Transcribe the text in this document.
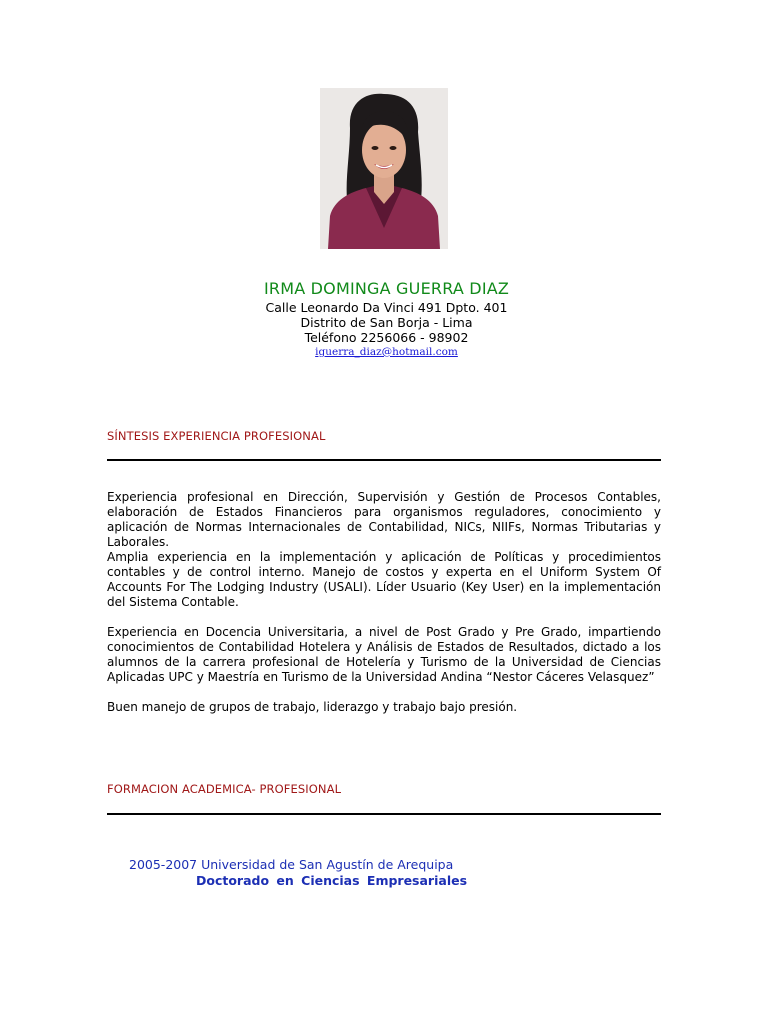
IRMA DOMINGA GUERRA DIAZ
Calle Leonardo Da Vinci 491 Dpto. 401
Distrito de San Borja - Lima
Teléfono 2256066 - 98902
iguerra_diaz@hotmail.com
SÍNTESIS EXPERIENCIA PROFESIONAL

Experiencia profesional en Dirección, Supervisión y Gestión de Procesos Contables, elaboración de Estados Financieros para organismos reguladores, conocimiento y aplicación de Normas Internacionales de Contabilidad, NICs, NIIFs, Normas Tributarias y Laborales.

Amplia experiencia en la implementación y aplicación de Políticas y procedimientos contables y de control interno. Manejo de costos y experta en el Uniform System Of Accounts For The Lodging Industry (USALI). Líder Usuario (Key User) en la implementación del Sistema Contable.

Experiencia en Docencia Universitaria, a nivel de Post Grado y Pre Grado, impartiendo conocimientos de Contabilidad Hotelera y Análisis de Estados de Resultados, dictado a los alumnos de la carrera profesional de Hotelería y Turismo de la Universidad de Ciencias Aplicadas UPC y Maestría en Turismo de la Universidad Andina “Nestor Cáceres Velasquez”

Buen manejo de grupos de trabajo, liderazgo y trabajo bajo presión.

FORMACION ACADEMICA- PROFESIONAL
2005-2007 Universidad de San Agustín de Arequipa
Doctorado en Ciencias Empresariales
